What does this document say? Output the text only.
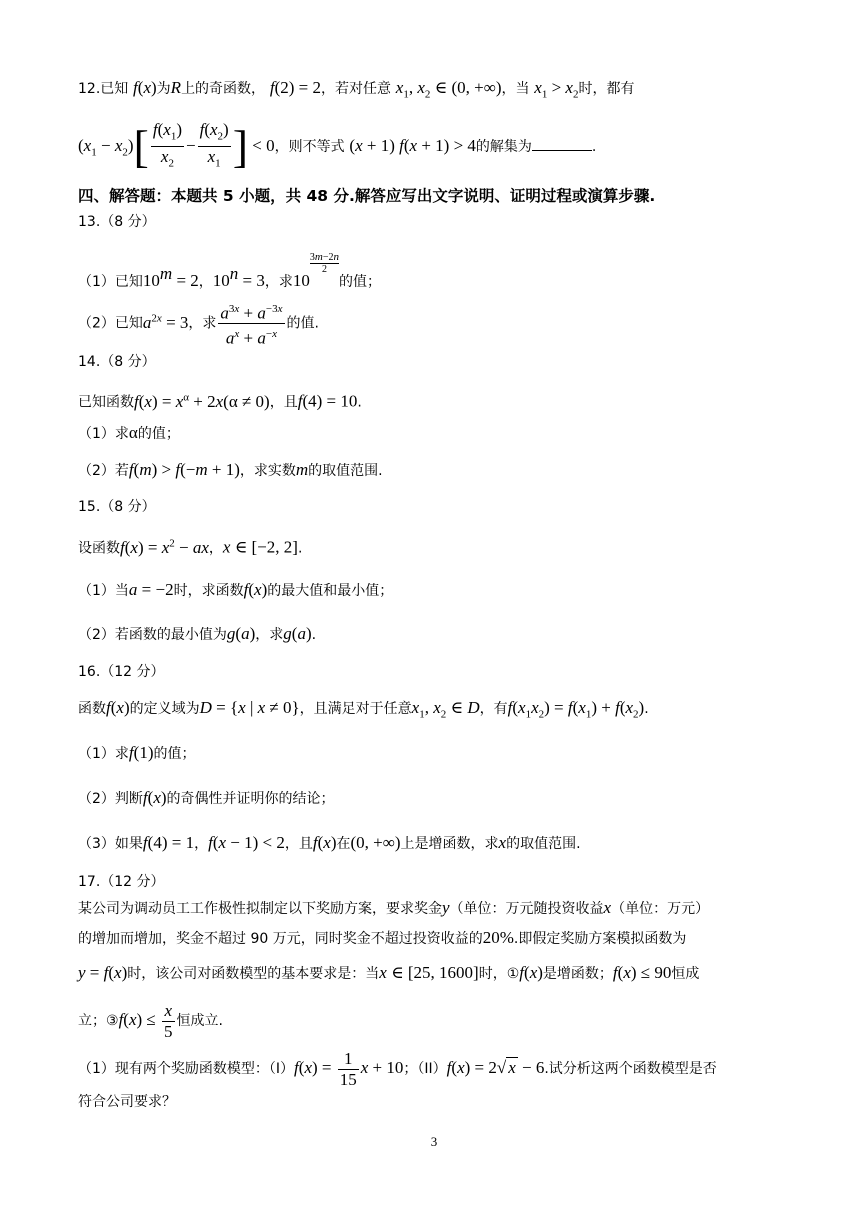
12.已知 f(x)为R上的奇函数， f(2) = 2，若对任意 $x_1$, $x_2$ ∈ (0, +∞)，当 $x_1 > x_2$时，都有
$(x_1 - x_2)[ \frac{f(x_1)}{x_2} - \frac{f(x_2)}{x_1}$ ] < 0，则不等式 (x + 1) f(x + 1) > 4的解集为	.
四、解答题：本题共 5 小题，共 48 分.解答应写出文字说明、证明过程或演算步骤.
13.（8 分）
（1）已知$10^m = 2$，$10^n = 3$，求10
$^{\frac{3m-2n}{2}}$
的值；
（2）已知$a^{2x} = 3$，求 $\frac{a^{3x} + a^{-3x}}{a^x + a^{-x}}$ 的值.
14.（8 分）
已知函数$f(x) = x^\alpha + 2x(\alpha \ne 0)$，且f(4) = 10.
（1）求α的值；
（2）若f(m) > f(−m + 1)，求实数m的取值范围.
15.（8 分）
设函数$f(x) = x^2$ − ax，x ∈ [−2, 2].
（1）当a = −2时，求函数f(x)的最大值和最小值；
（2）若函数的最小值为g(a)，求g(a).
16.（12 分）
函数f(x)的定义域为D = {x | x ≠ 0}，且满足对于任意$x_1$, $x_2$ ∈ D，有$f(x_1x_2) = f(x_1) + f(x_2)$.
（1）求f(1)的值；
（2）判断f(x)的奇偶性并证明你的结论；
（3）如果f(4) = 1，f(x − 1) < 2，且f(x)在(0, +∞)上是增函数，求x的取值范围.
17.（12 分）
某公司为调动员工工作极性拟制定以下奖励方案，要求奖金y（单位：万元随投资收益x（单位：万元）
的增加而增加，奖金不超过 90 万元，同时奖金不超过投资收益的20%.即假定奖励方案模拟函数为
y = f(x)时，该公司对函数模型的基本要求是：当x ∈ [25, 1600]时，①f(x)是增函数；f(x) ≤ 90恒成
立；③f(x) ≤ $\frac{x}{5}$ 恒成立.
（1）现有两个奖励函数模型：$(I)f(x) = \frac{1}{15}$ x + 10；（II）f(x) = 2√ x − 6.试分析这两个函数模型是否
符合公司要求？
3
